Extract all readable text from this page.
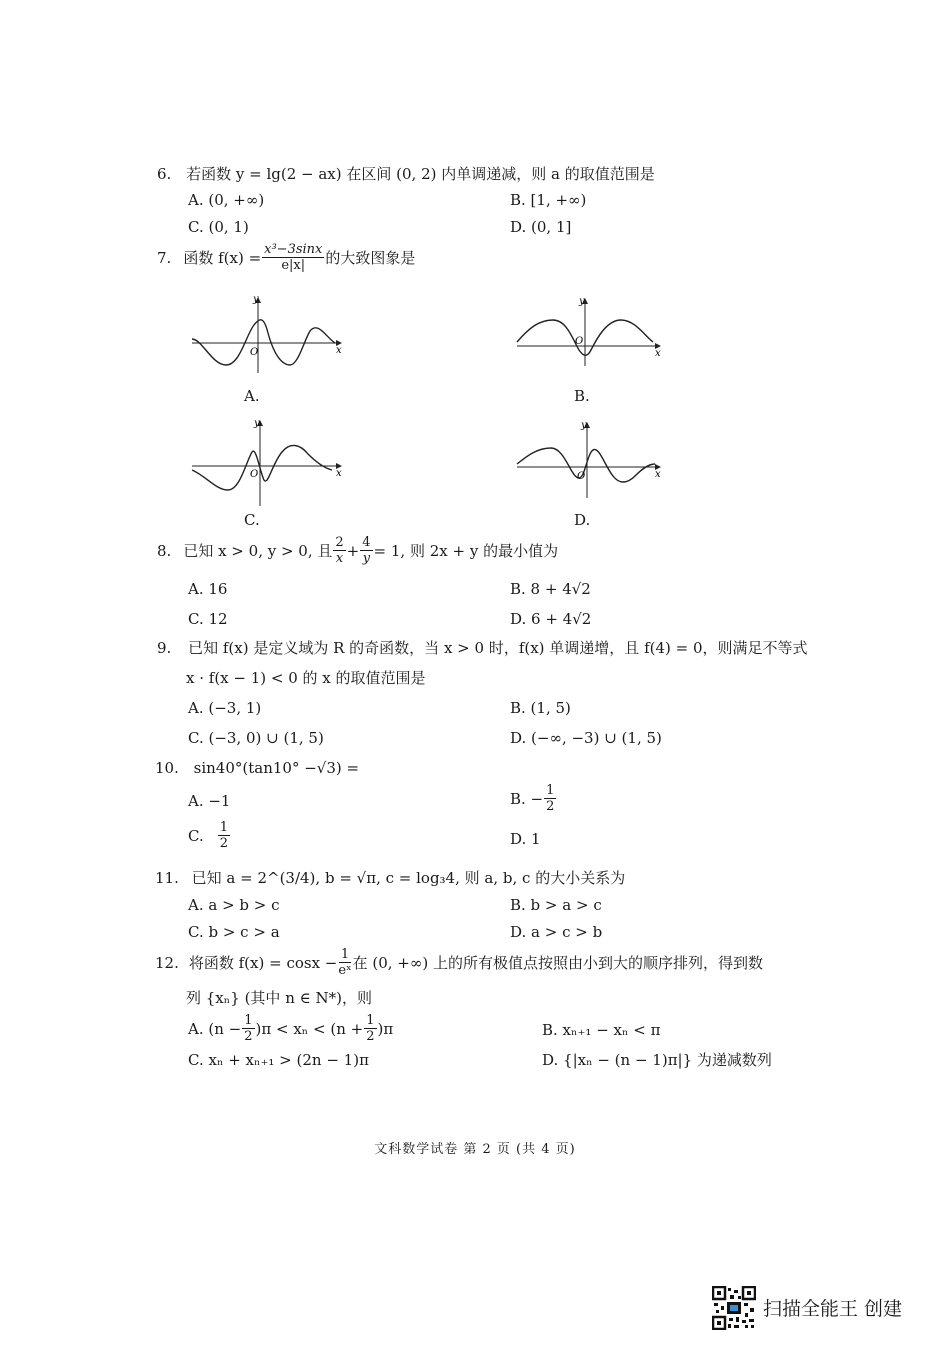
6. 若函数 y = lg(2 − ax) 在区间 (0, 2) 内单调递减，则 a 的取值范围是
A. (0, +∞)	B. [1, +∞)
C. (0, 1)	D. (0, 1]
7. 函数 $f(x) = \frac{\text{x³−3sinx}}{e|x|}$ 的大致图象是
y
x
O
A.
y
x
O
B.
y
x
O
C.
y
x
O
D.
8. 已知 x > 0, y > 0, 且 $\frac{2}{x} + \frac{4}{y} = 1$, 则 2x + y 的最小值为
A. 16	B. 8 + 4√2
C. 12	D. 6 + 4√2
9. 已知 f(x) 是定义域为 R 的奇函数，当 x > 0 时，f(x) 单调递增，且 f(4) = 0，则满足不等式
x · f(x − 1) < 0 的 x 的取值范围是
A. (−3, 1)	B. (1, 5)
C. (−3, 0) ∪ (1, 5)	D. (−∞, −3) ∪ (1, 5)
10. sin40°(tan10° −√3) =
A. −1	B. − $\frac{1}{2}$
C. $\frac{1}{2}$	D. 1
11. 已知 a = 2^(3/4), b = √π, c = log₃4, 则 a, b, c 的大小关系为
A. a > b > c	B. b > a > c
C. b > c > a	D. a > c > b
12. 将函数 $f(x) = \cos x - \frac{1}{\text{eˣ}}$ 在 (0, +∞) 上的所有极值点按照由小到大的顺序排列，得到数
列 {xₙ} (其中 n ∈ N*)，则
A. $(n - \frac{1}{2} )\pi < x_n < (n + \frac{1}{2} )\pi$	B. xₙ₊₁ − xₙ < π
C. xₙ + xₙ₊₁ > (2n − 1)π	D. {|xₙ − (n − 1)π|} 为递减数列
文科数学试卷 第 2 页 (共 4 页)
扫描全能王 创建
